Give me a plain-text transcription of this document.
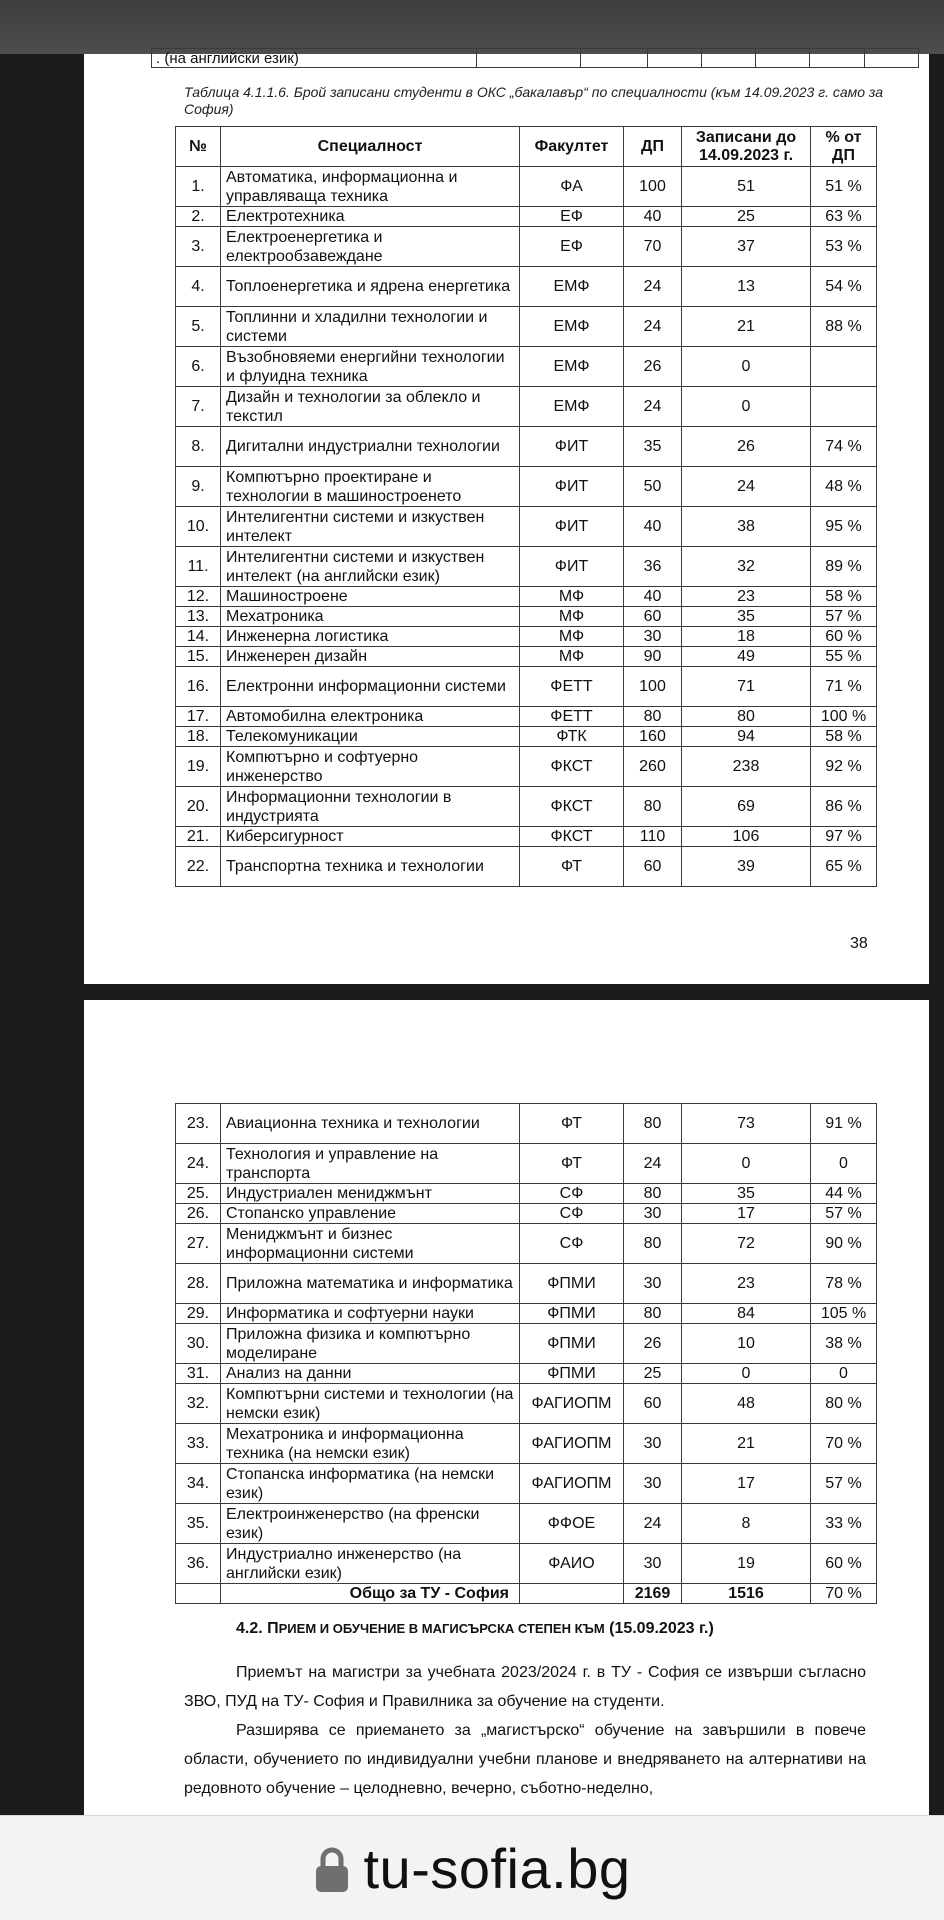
. (на английски език)							
Таблица 4.1.1.6. Брой записани студенти в ОКС „бакалавър“ по специалности (към 14.09.2023 г. само за София)
№	Специалност	Факултет	ДП	Записани до 14.09.2023 г.	% от ДП
1.	Автоматика, информационна и управляваща техника	ФА	100	51	51 %
2.	Електротехника	ЕФ	40	25	63 %
3.	Електроенергетика и електрообзавеждане	ЕФ	70	37	53 %
4.	Топлоенергетика и ядрена енергетика	ЕМФ	24	13	54 %
5.	Топлинни и хладилни технологии и системи	ЕМФ	24	21	88 %
6.	Възобновяеми енергийни технологии и флуидна техника	ЕМФ	26	0	
7.	Дизайн и технологии за облекло и текстил	ЕМФ	24	0	
8.	Дигитални индустриални технологии	ФИТ	35	26	74 %
9.	Компютърно проектиране и технологии в машиностроенето	ФИТ	50	24	48 %
10.	Интелигентни системи и изкуствен интелект	ФИТ	40	38	95 %
11.	Интелигентни системи и изкуствен интелект (на английски език)	ФИТ	36	32	89 %
12.	Машиностроене	МФ	40	23	58 %
13.	Мехатроника	МФ	60	35	57 %
14.	Инженерна логистика	МФ	30	18	60 %
15.	Инженерен дизайн	МФ	90	49	55 %
16.	Електронни информационни системи	ФЕТТ	100	71	71 %
17.	Автомобилна електроника	ФЕТТ	80	80	100 %
18.	Телекомуникации	ФТК	160	94	58 %
19.	Компютърно и софтуерно инженерство	ФКСТ	260	238	92 %
20.	Информационни технологии в индустрията	ФКСТ	80	69	86 %
21.	Киберсигурност	ФКСТ	110	106	97 %
22.	Транспортна техника и технологии	ФТ	60	39	65 %
38
23.	Авиационна техника и технологии	ФТ	80	73	91 %
24.	Технология и управление на транспорта	ФТ	24	0	0
25.	Индустриален мениджмънт	СФ	80	35	44 %
26.	Стопанско управление	СФ	30	17	57 %
27.	Мениджмънт и бизнес информационни системи	СФ	80	72	90 %
28.	Приложна математика и информатика	ФПМИ	30	23	78 %
29.	Информатика и софтуерни науки	ФПМИ	80	84	105 %
30.	Приложна физика и компютърно моделиране	ФПМИ	26	10	38 %
31.	Анализ на данни	ФПМИ	25	0	0
32.	Компютърни системи и технологии (на немски език)	ФАГИОПМ	60	48	80 %
33.	Мехатроника и информационна техника (на немски език)	ФАГИОПМ	30	21	70 %
34.	Стопанска информатика (на немски език)	ФАГИОПМ	30	17	57 %
35.	Електроинженерство (на френски език)	ФФОЕ	24	8	33 %
36.	Индустриално инженерство (на английски език)	ФАИО	30	19	60 %
	Общо за ТУ - София		2169	1516	70 %
4.2. ПРИЕМ И ОБУЧЕНИЕ В МАГИСЪРСКА СТЕПЕН КЪМ (15.09.2023 г.)

Приемът на магистри за учебната 2023/2024 г. в ТУ - София се извърши съгласно ЗВО, ПУД на ТУ- София и Правилника за обучение на студенти.

Разширява се приемането за „магистърско“ обучение на завършили в повече области, обучението по индивидуални учебни планове и внедряването на алтернативи на редовното обучение – целодневно, вечерно, съботно-неделно,

tu-sofia.bg
